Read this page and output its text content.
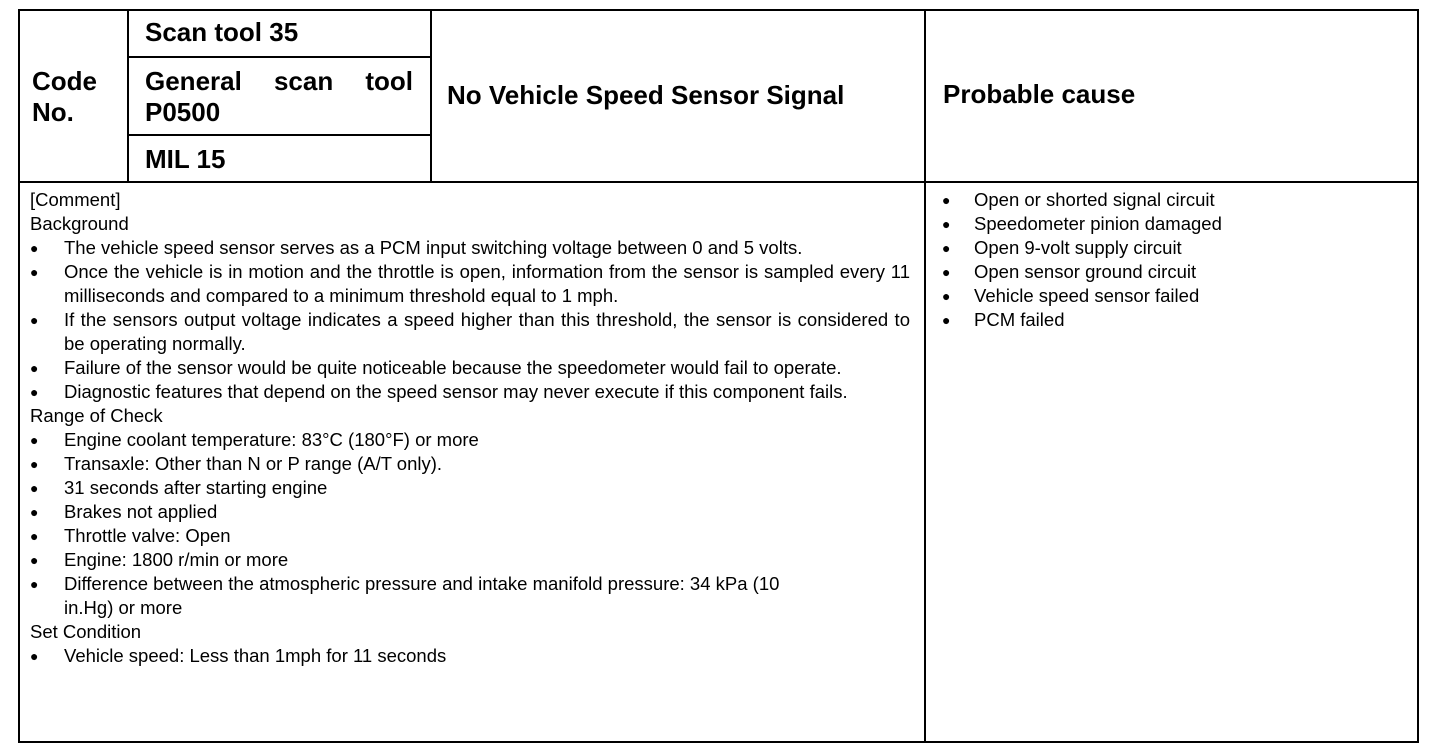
Code
No.
Scan tool 35
General scan tool
P0500
MIL 15
No Vehicle Speed Sensor Signal	Probable cause
[Comment]
Background
● The vehicle speed sensor serves as a PCM input switching voltage between 0 and 5 volts.
● Once the vehicle is in motion and the throttle is open, information from the sensor is sampled every 11 milliseconds and compared to a minimum threshold equal to 1 mph.
● If the sensors output voltage indicates a speed higher than this threshold, the sensor is considered to be operating normally.
● Failure of the sensor would be quite noticeable because the speedometer would fail to operate.
● Diagnostic features that depend on the speed sensor may never execute if this component fails.
Range of Check
● Engine coolant temperature: 83°C (180°F) or more
● Transaxle: Other than N or P range (A/T only).
● 31 seconds after starting engine
● Brakes not applied
● Throttle valve: Open
● Engine: 1800 r/min or more
● Difference between the atmospheric pressure and intake manifold pressure: 34 kPa (10 in.Hg) or more
Set Condition
● Vehicle speed: Less than 1mph for 11 seconds
● Open or shorted signal circuit
● Speedometer pinion damaged
● Open 9-volt supply circuit
● Open sensor ground circuit
● Vehicle speed sensor failed
● PCM failed
